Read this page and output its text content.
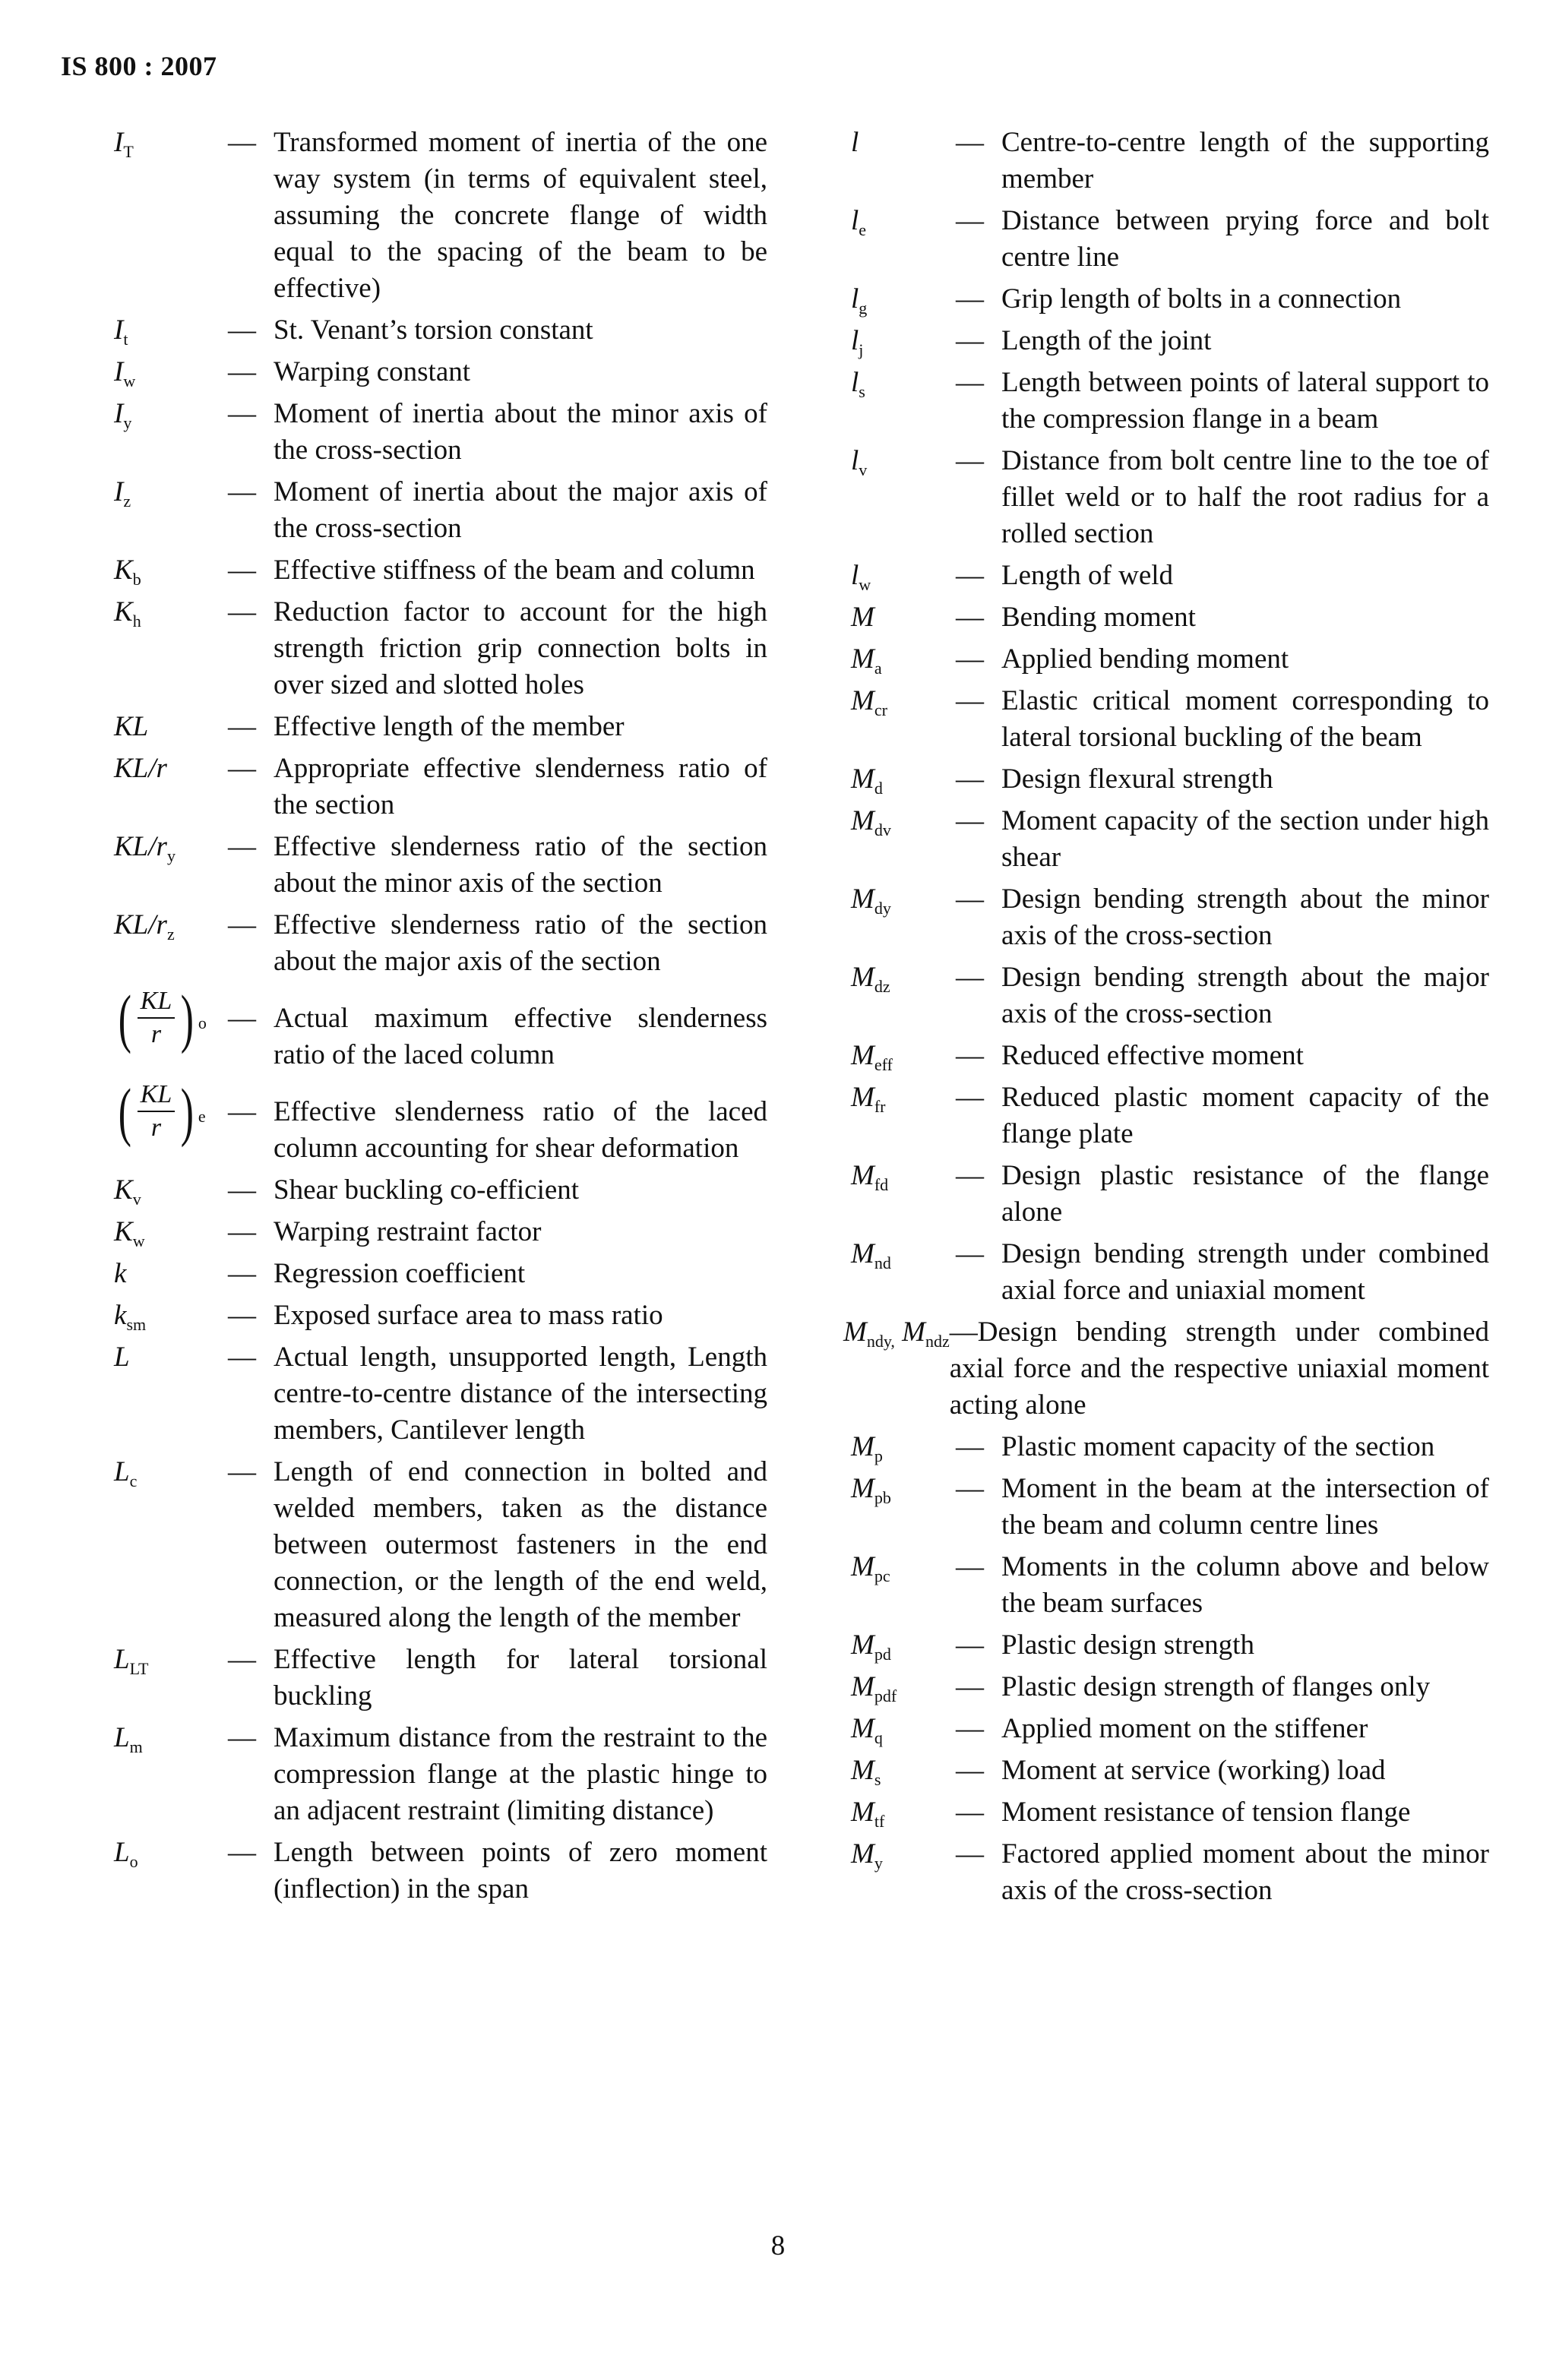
IS 800 : 2007
$I_T$	— Transformed moment of inertia of the one way system (in terms of equivalent steel, assuming the concrete flange of width equal to the spacing of the beam to be effective)
$I_t$	— St. Venant’s torsion constant
$I_w$	— Warping constant
$I_y$	— Moment of inertia about the minor axis of the cross-section
$I_z$	— Moment of inertia about the major axis of the cross-section
$K_b$	— Effective stiffness of the beam and column
$K_h$	— Reduction factor to account for the high strength friction grip connection bolts in over sized and slotted holes
KL	— Effective length of the member
KL/r	— Appropriate effective slenderness ratio of the section
$KL/r_y$	— Effective slenderness ratio of the section about the minor axis of the section
$KL/r_z$	— Effective slenderness ratio of the section about the major axis of the section
( $\frac{KL}{r}$ ) o — Actual maximum effective slenderness ratio of the laced column
( $\frac{KL}{r}$ ) e — Effective slenderness ratio of the laced column accounting for shear deformation
$K_v$	— Shear buckling co-efficient
$K_w$	— Warping restraint factor
k	— Regression coefficient
$k_{sm}$	— Exposed surface area to mass ratio
L	— Actual length, unsupported length, Length centre-to-centre distance of the intersecting members, Cantilever length
$L_c$	— Length of end connection in bolted and welded members, taken as the distance between outermost fasteners in the end connection, or the length of the end weld, measured along the length of the member
$L_{LT}$	— Effective length for lateral torsional buckling
$L_m$	— Maximum distance from the restraint to the compression flange at the plastic hinge to an adjacent restraint (limiting distance)
$L_o$	— Length between points of zero moment (inflection) in the span
l	— Centre-to-centre length of the supporting member
$l_e$	— Distance between prying force and bolt centre line
$l_g$	— Grip length of bolts in a connection
$l_j$	— Length of the joint
$l_s$	— Length between points of lateral support to the compression flange in a beam
$l_v$	— Distance from bolt centre line to the toe of fillet weld or to half the root radius for a rolled section
$l_w$	— Length of weld
M	— Bending moment
$M_a$	— Applied bending moment
$M_{cr}$	— Elastic critical moment corresponding to lateral torsional buckling of the beam
$M_d$	— Design flexural strength
$M_{dv}$	— Moment capacity of the section under high shear
$M_{dy}$	— Design bending strength about the minor axis of the cross-section
$M_{dz}$	— Design bending strength about the major axis of the cross-section
$M_{eff}$	— Reduced effective moment
$M_{fr}$	— Reduced plastic moment capacity of the flange plate
$M_{fd}$	— Design plastic resistance of the flange alone
$M_{nd}$	— Design bending strength under combined axial force and uniaxial moment
$M_{ndy,}$ $M_{ndz}$ —Design bending strength under combined axial force and the respective uniaxial moment acting alone
$M_p$	— Plastic moment capacity of the section
$M_{pb}$	— Moment in the beam at the intersection of the beam and column centre lines
$M_{pc}$	— Moments in the column above and below the beam surfaces
$M_{pd}$	— Plastic design strength
$M_{pdf}$	— Plastic design strength of flanges only
$M_q$	— Applied moment on the stiffener
$M_s$	— Moment at service (working) load
$M_{tf}$	— Moment resistance of tension flange
$M_y$	— Factored applied moment about the minor axis of the cross-section
8
